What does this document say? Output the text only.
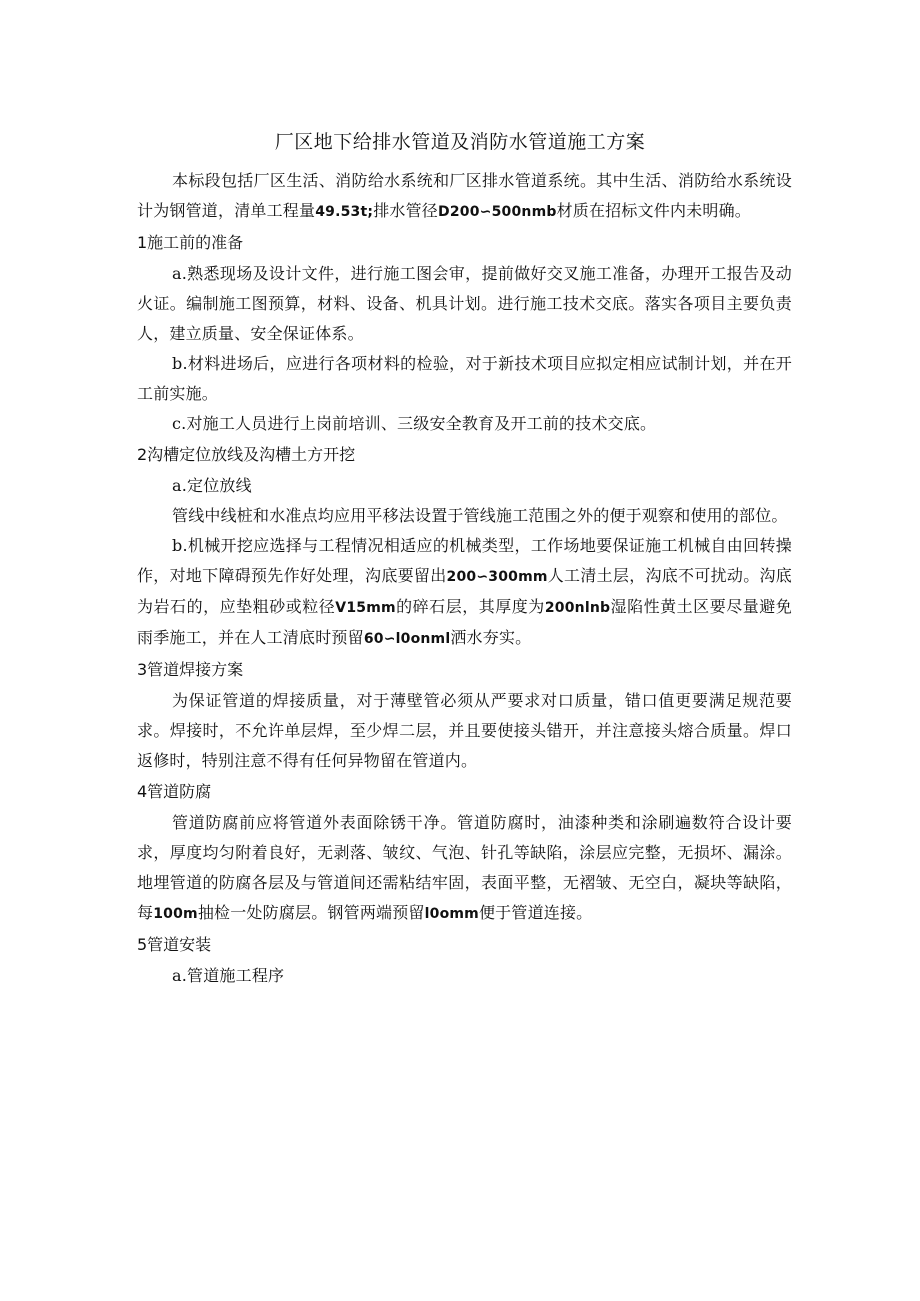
厂区地下给排水管道及消防水管道施工方案

本标段包括厂区生活、消防给水系统和厂区排水管道系统。其中生活、消防给水系统设计为钢管道，清单工程量49.53t;排水管径D200∽500nmb材质在招标文件内未明确。

1施工前的准备

a.熟悉现场及设计文件，进行施工图会审，提前做好交叉施工准备，办理开工报告及动火证。编制施工图预算，材料、设备、机具计划。进行施工技术交底。落实各项目主要负责人，建立质量、安全保证体系。

b.材料进场后，应进行各项材料的检验，对于新技术项目应拟定相应试制计划，并在开工前实施。

c.对施工人员进行上岗前培训、三级安全教育及开工前的技术交底。

2沟槽定位放线及沟槽土方开挖

a.定位放线

管线中线桩和水准点均应用平移法设置于管线施工范围之外的便于观察和使用的部位。

b.机械开挖应选择与工程情况相适应的机械类型，工作场地要保证施工机械自由回转操作，对地下障碍预先作好处理，沟底要留出200∽300mm人工清土层，沟底不可扰动。沟底为岩石的，应垫粗砂或粒径V15mm的碎石层，其厚度为200nlnb湿陷性黄土区要尽量避免雨季施工，并在人工清底时预留60∽l0onml洒水夯实。

3管道焊接方案

为保证管道的焊接质量，对于薄壁管必须从严要求对口质量，错口值更要满足规范要求。焊接时，不允许单层焊，至少焊二层，并且要使接头错开，并注意接头熔合质量。焊口返修时，特别注意不得有任何异物留在管道内。

4管道防腐

管道防腐前应将管道外表面除锈干净。管道防腐时，油漆种类和涂刷遍数符合设计要求，厚度均匀附着良好，无剥落、皱纹、气泡、针孔等缺陷，涂层应完整，无损坏、漏涂。地埋管道的防腐各层及与管道间还需粘结牢固，表面平整，无褶皱、无空白，凝块等缺陷，每100m抽检一处防腐层。钢管两端预留l0omm便于管道连接。

5管道安装

a.管道施工程序
